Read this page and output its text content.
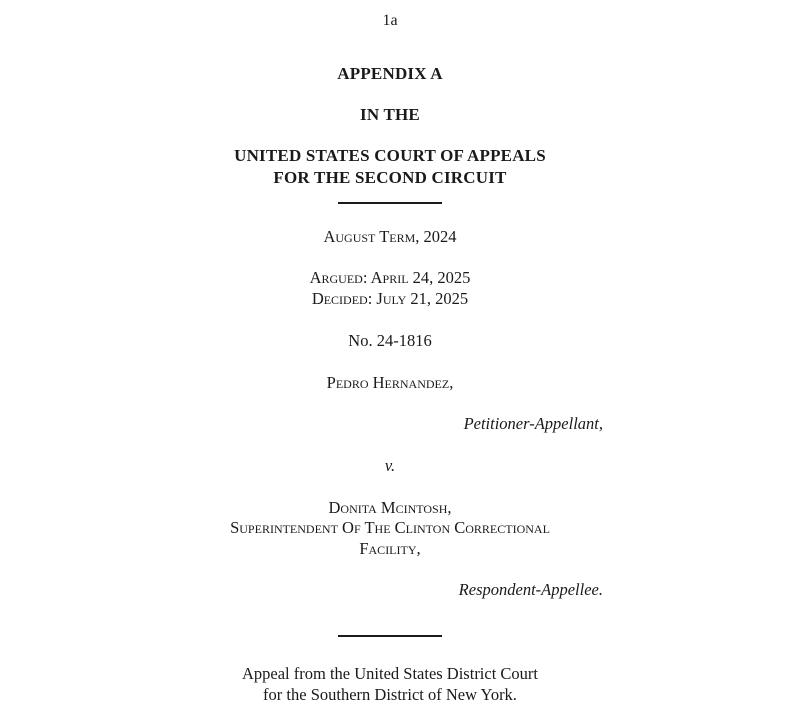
1a
APPENDIX A
IN THE
UNITED STATES COURT OF APPEALS
FOR THE SECOND CIRCUIT
August Term, 2024
Argued: April 24, 2025
Decided: July 21, 2025
No. 24-1816
Pedro Hernandez,
Petitioner-Appellant,
v.
Donita Mcintosh,
Superintendent Of The Clinton Correctional
Facility,
Respondent-Appellee.
Appeal from the United States District Court
for the Southern District of New York.
